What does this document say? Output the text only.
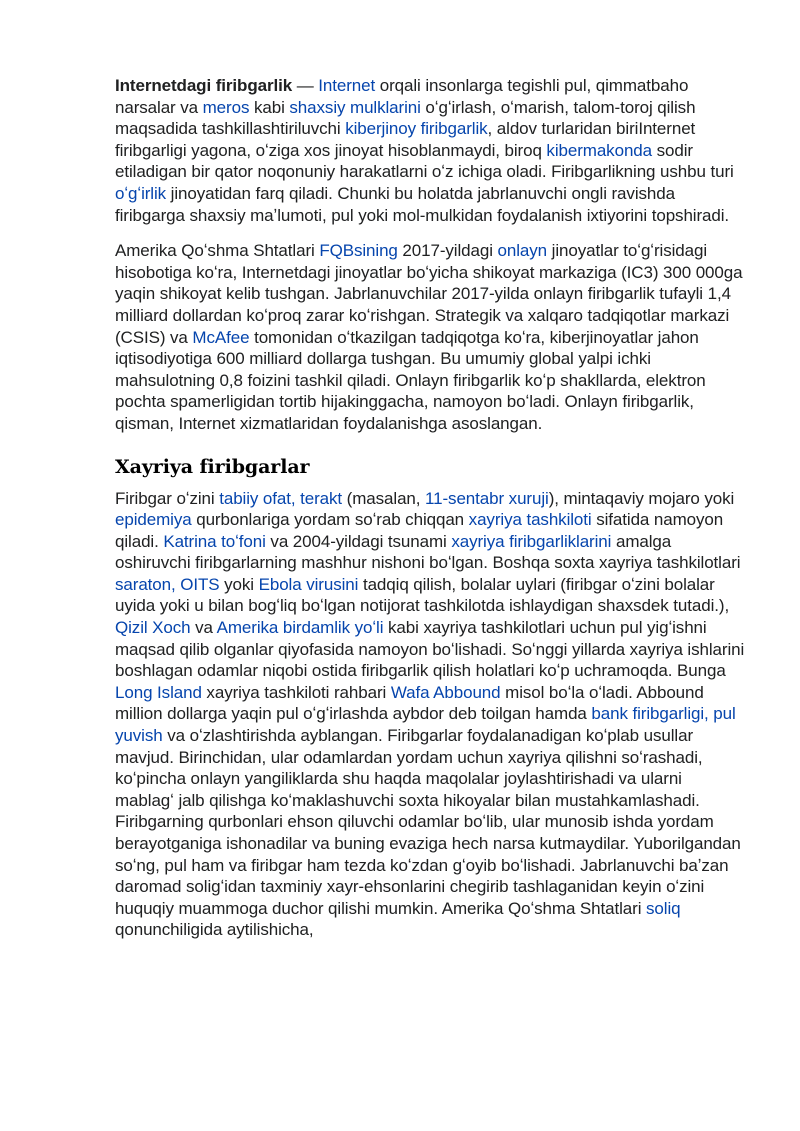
Internetdagi firibgarlik — Internet orqali insonlarga tegishli pul, qimmatbaho narsalar va meros kabi shaxsiy mulklarini oʻgʻirlash, oʻmarish, talom-toroj qilish maqsadida tashkillashtiriluvchi kiberjinoy firibgarlik, aldov turlaridan biriInternet firibgarligi yagona, oʻziga xos jinoyat hisoblanmaydi, biroq kibermakonda sodir etiladigan bir qator noqonuniy harakatlarni oʻz ichiga oladi. Firibgarlikning ushbu turi oʻgʻirlik jinoyatidan farq qiladi. Chunki bu holatda jabrlanuvchi ongli ravishda firibgarga shaxsiy maʼlumoti, pul yoki mol-mulkidan foydalanish ixtiyorini topshiradi.

Amerika Qoʻshma Shtatlari FQBsining 2017-yildagi onlayn jinoyatlar toʻgʻrisidagi hisobotiga koʻra, Internetdagi jinoyatlar boʻyicha shikoyat markaziga (IC3) 300 000ga yaqin shikoyat kelib tushgan. Jabrlanuvchilar 2017-yilda onlayn firibgarlik tufayli 1,4 milliard dollardan koʻproq zarar koʻrishgan. Strategik va xalqaro tadqiqotlar markazi (CSIS) va McAfee tomonidan oʻtkazilgan tadqiqotga koʻra, kiberjinoyatlar jahon iqtisodiyotiga 600 milliard dollarga tushgan. Bu umumiy global yalpi ichki mahsulotning 0,8 foizini tashkil qiladi. Onlayn firibgarlik koʻp shakllarda, elektron pochta spamerligidan tortib hijakinggacha, namoyon boʻladi. Onlayn firibgarlik, qisman, Internet xizmatlaridan foydalanishga asoslangan.

Xayriya firibgarlar

Firibgar oʻzini tabiiy ofat, terakt (masalan, 11-sentabr xuruji), mintaqaviy mojaro yoki epidemiya qurbonlariga yordam soʻrab chiqqan xayriya tashkiloti sifatida namoyon qiladi. Katrina toʻfoni va 2004-yildagi tsunami xayriya firibgarliklarini amalga oshiruvchi firibgarlarning mashhur nishoni boʻlgan. Boshqa soxta xayriya tashkilotlari saraton, OITS yoki Ebola virusini tadqiq qilish, bolalar uylari (firibgar oʻzini bolalar uyida yoki u bilan bogʻliq boʻlgan notijorat tashkilotda ishlaydigan shaxsdek tutadi.), Qizil Xoch va Amerika birdamlik yoʻli kabi xayriya tashkilotlari uchun pul yigʻishni maqsad qilib olganlar qiyofasida namoyon boʻlishadi. Soʻnggi yillarda xayriya ishlarini boshlagan odamlar niqobi ostida firibgarlik qilish holatlari koʻp uchramoqda. Bunga Long Island xayriya tashkiloti rahbari Wafa Abbound misol boʻla oʻladi. Abbound million dollarga yaqin pul oʻgʻirlashda aybdor deb toilgan hamda bank firibgarligi, pul yuvish va oʻzlashtirishda ayblangan. Firibgarlar foydalanadigan koʻplab usullar mavjud. Birinchidan, ular odamlardan yordam uchun xayriya qilishni soʻrashadi, koʻpincha onlayn yangiliklarda shu haqda maqolalar joylashtirishadi va ularni mablagʻ jalb qilishga koʻmaklashuvchi soxta hikoyalar bilan mustahkamlashadi. Firibgarning qurbonlari ehson qiluvchi odamlar boʻlib, ular munosib ishda yordam berayotganiga ishonadilar va buning evaziga hech narsa kutmaydilar. Yuborilgandan soʻng, pul ham va firibgar ham tezda koʻzdan gʻoyib boʻlishadi. Jabrlanuvchi baʼzan daromad soligʻidan taxminiy xayr-ehsonlarini chegirib tashlaganidan keyin oʻzini huquqiy muammoga duchor qilishi mumkin. Amerika Qoʻshma Shtatlari soliq qonunchiligida aytilishicha,
